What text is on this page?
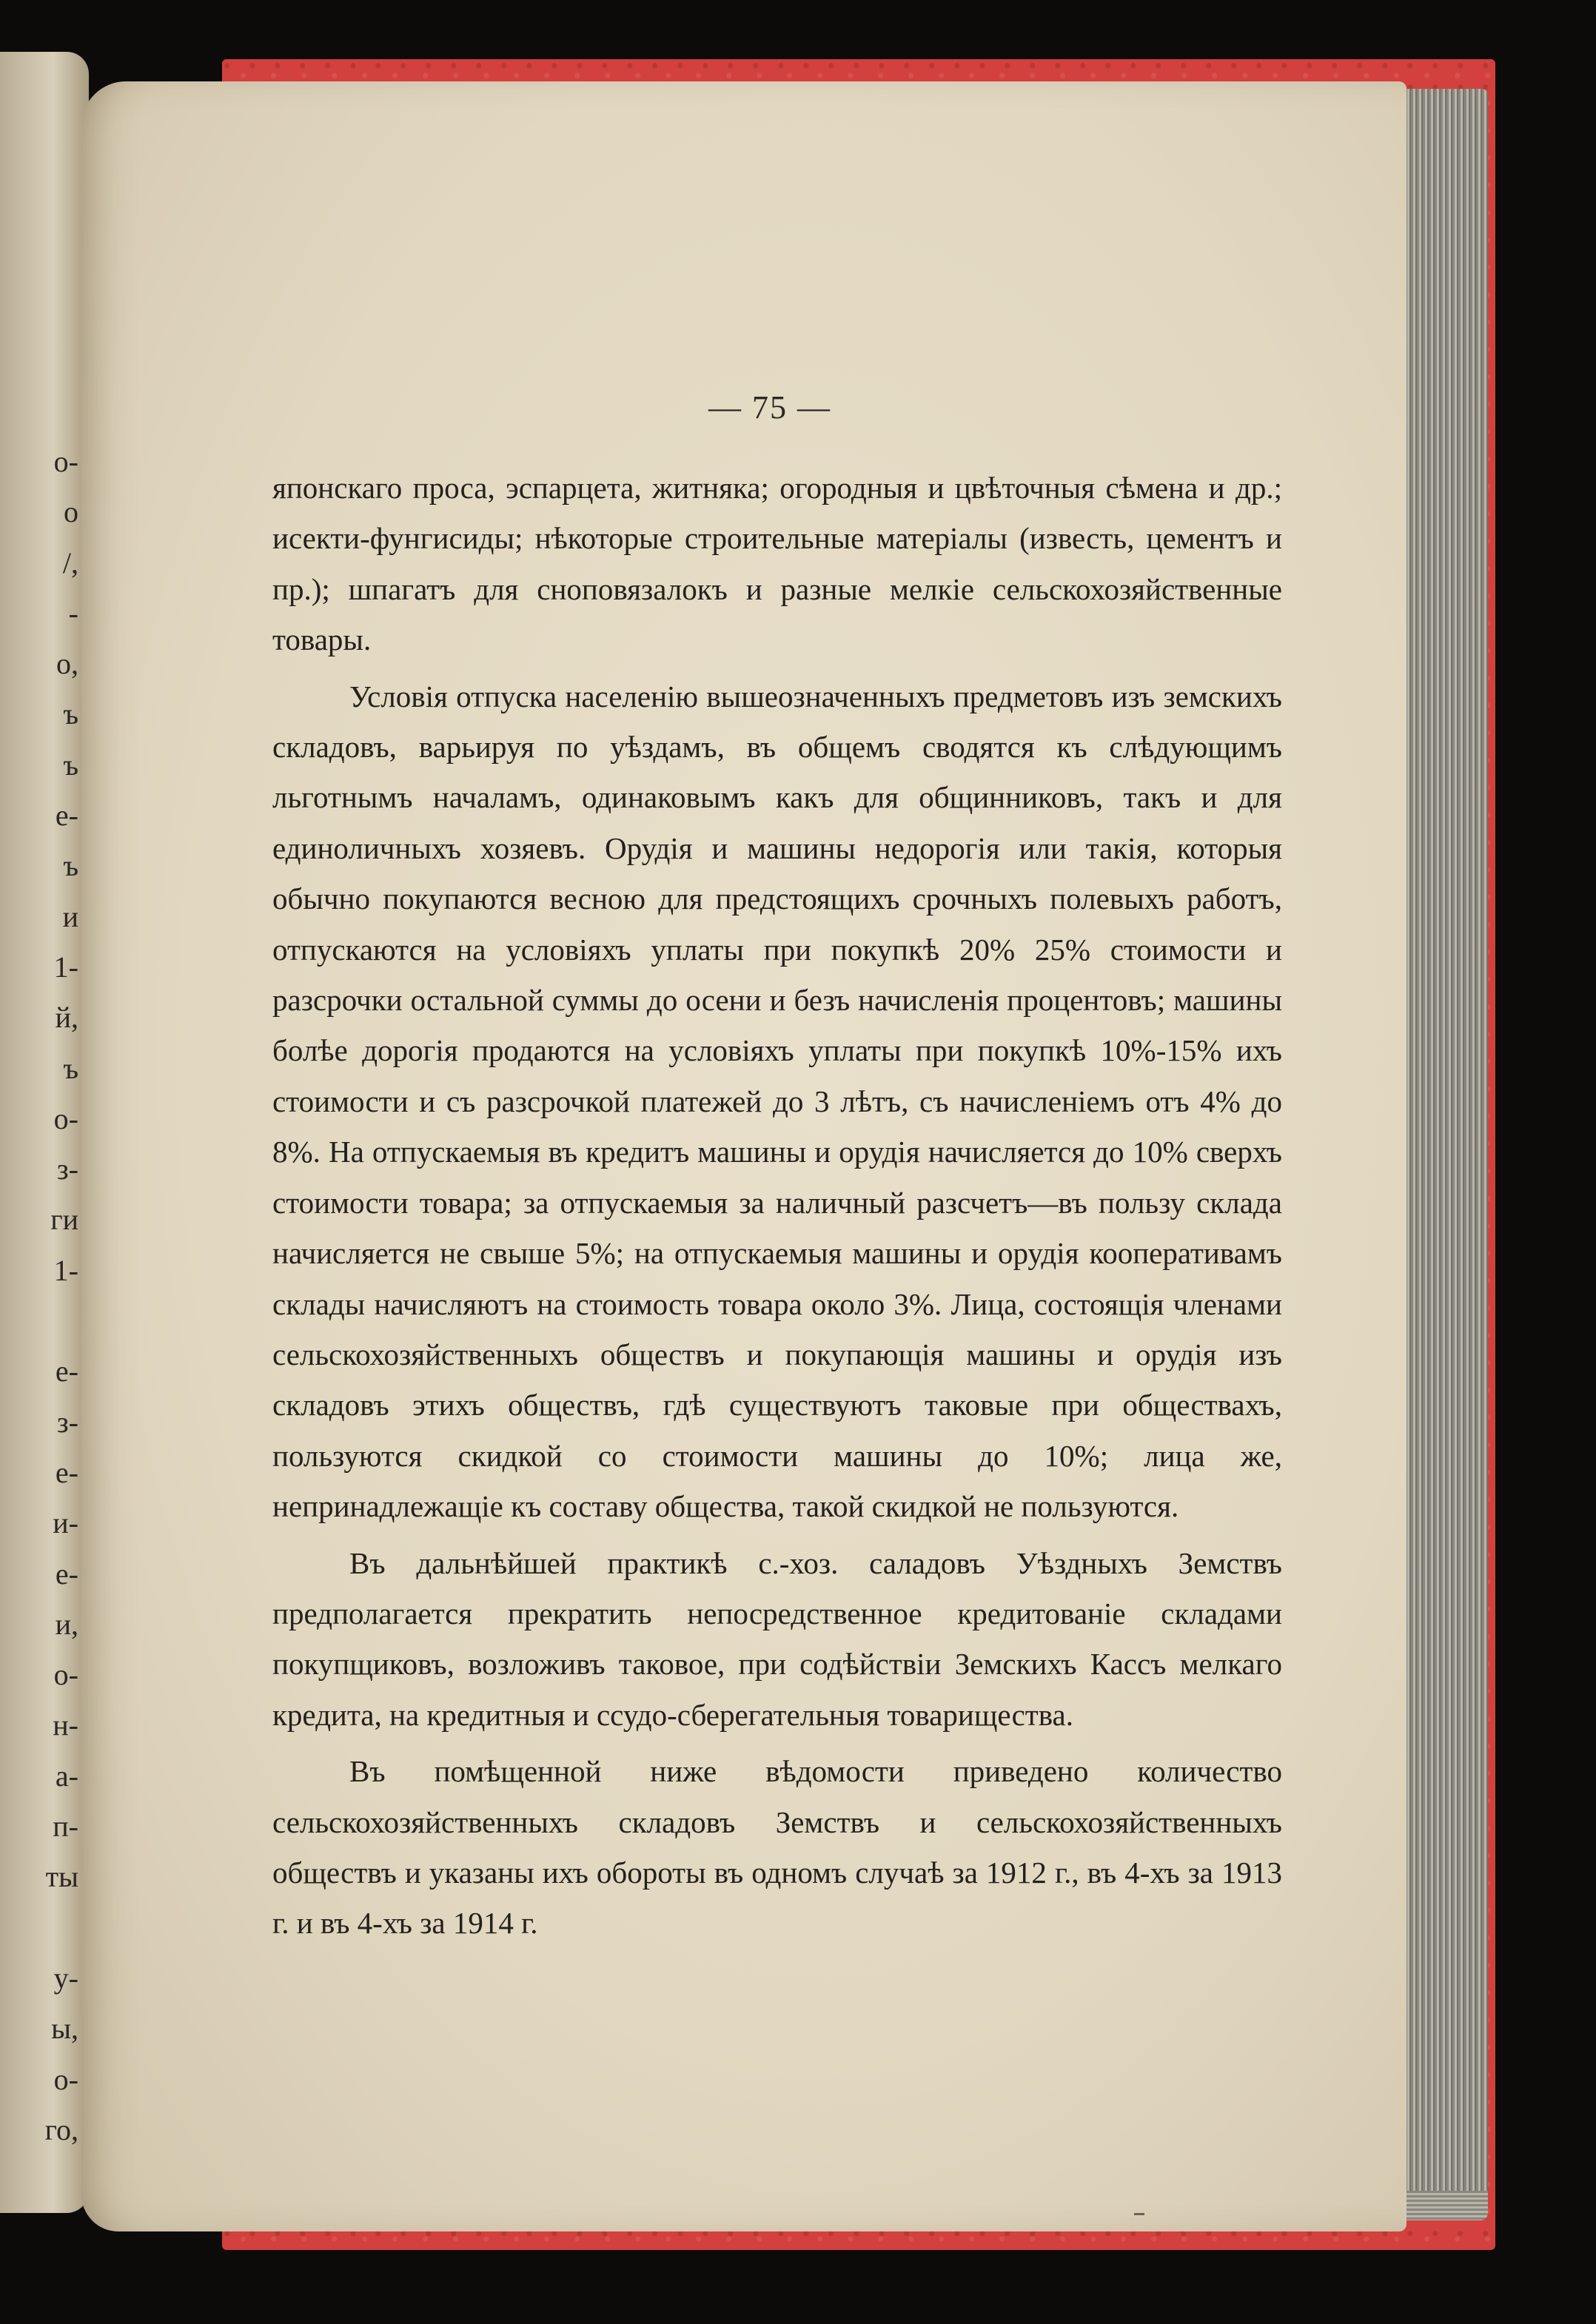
о-
о
/,
-
о,
ъ
ъ
е-
ъ
и
1-
й,
ъ
о-
з-
ги
1-
е-
з-
е-
и-
е-
и,
о-
н-
а-
п-
ты
у-
ы,
о-
го,
— 75 —

японскаго проса, эспарцета, житняка; огородныя и цвѣточныя сѣмена и др.; исекти-фунгисиды; нѣкоторые строительные матеріалы (известь, цементъ и пр.); шпагатъ для сноповязалокъ и разные мелкіе сельскохозяйственные товары.

Условія отпуска населенію вышеозначенныхъ предметовъ изъ земскихъ складовъ, варьируя по уѣздамъ, въ общемъ сводятся къ слѣдующимъ льготнымъ началамъ, одинаковымъ какъ для общинниковъ, такъ и для единоличныхъ хозяевъ. Орудія и машины недорогія или такія, которыя обычно покупаются весною для предстоящихъ срочныхъ полевыхъ работъ, отпускаются на условіяхъ уплаты при покупкѣ 20% 25% стоимости и разсрочки остальной суммы до осени и безъ начисленія процентовъ; машины болѣе дорогія продаются на условіяхъ уплаты при покупкѣ 10%-15% ихъ стоимости и съ разсрочкой платежей до 3 лѣтъ, съ начисленіемъ отъ 4% до 8%. На отпускаемыя въ кредитъ машины и орудія начисляется до 10% сверхъ стоимости товара; за отпускаемыя за наличный разсчетъ—въ пользу склада начисляется не свыше 5%; на отпускаемыя машины и орудія кооперативамъ склады начисляютъ на стоимость товара около 3%. Лица, состоящія членами сельскохозяйственныхъ обществъ и покупающія машины и орудія изъ складовъ этихъ обществъ, гдѣ существуютъ таковые при обществахъ, пользуются скидкой со стоимости машины до 10%; лица же, непринадлежащіе къ составу общества, такой скидкой не пользуются.

Въ дальнѣйшей практикѣ с.-хоз. саладовъ Уѣздныхъ Земствъ предполагается прекратить непосредственное кредитованіе складами покупщиковъ, возложивъ таковое, при содѣйствіи Земскихъ Кассъ мелкаго кредита, на кредитныя и ссудо-сберегательныя товарищества.

Въ помѣщенной ниже вѣдомости приведено количество сельскохозяйственныхъ складовъ Земствъ и сельскохозяйственныхъ обществъ и указаны ихъ обороты въ одномъ случаѣ за 1912 г., въ 4-хъ за 1913 г. и въ 4-хъ за 1914 г.
